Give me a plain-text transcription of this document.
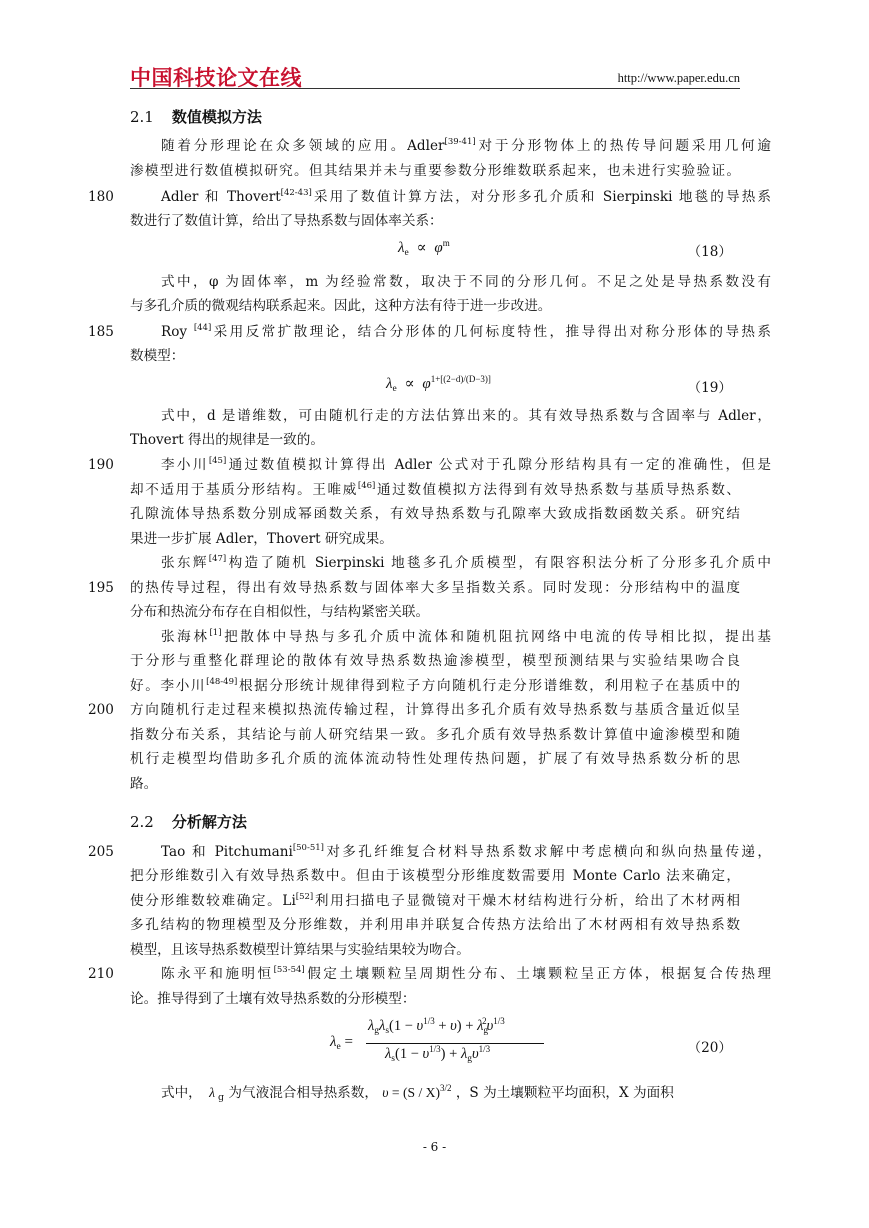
中国科技论文在线	http://www.paper.edu.cn
2.1 数值模拟方法
随着分形理论在众多领域的应用。Adler[39-41]对于分形物体上的热传导问题采用几何逾
渗模型进行数值模拟研究。但其结果并未与重要参数分形维数联系起来，也未进行实验验证。
180	Adler 和 Thovert[42-43]采用了数值计算方法，对分形多孔介质和 Sierpinski 地毯的导热系
数进行了数值计算，给出了导热系数与固体率关系：
$\lambda_e \propto \varphi^m$
（18）
式中，φ 为固体率，m 为经验常数，取决于不同的分形几何。不足之处是导热系数没有
与多孔介质的微观结构联系起来。因此，这种方法有待于进一步改进。
185	Roy [44]采用反常扩散理论，结合分形体的几何标度特性，推导得出对称分形体的导热系
数模型：
$\lambda_e \propto \varphi^{1+[(2-d)/(D-3)]}$
（19）
式中，d 是谱维数，可由随机行走的方法估算出来的。其有效导热系数与含固率与 Adler，
Thovert 得出的规律是一致的。
190	李小川[45]通过数值模拟计算得出 Adler 公式对于孔隙分形结构具有一定的准确性，但是
却不适用于基质分形结构。王唯威[46]通过数值模拟方法得到有效导热系数与基质导热系数、
孔隙流体导热系数分别成幂函数关系，有效导热系数与孔隙率大致成指数函数关系。研究结
果进一步扩展 Adler，Thovert 研究成果。
张东辉[47]构造了随机 Sierpinski 地毯多孔介质模型，有限容积法分析了分形多孔介质中
195 的热传导过程，得出有效导热系数与固体率大多呈指数关系。同时发现：分形结构中的温度
分布和热流分布存在自相似性，与结构紧密关联。
张海林[1]把散体中导热与多孔介质中流体和随机阻抗网络中电流的传导相比拟，提出基
于分形与重整化群理论的散体有效导热系数热逾渗模型，模型预测结果与实验结果吻合良
好。李小川[48-49]根据分形统计规律得到粒子方向随机行走分形谱维数，利用粒子在基质中的
200 方向随机行走过程来模拟热流传输过程，计算得出多孔介质有效导热系数与基质含量近似呈
指数分布关系，其结论与前人研究结果一致。多孔介质有效导热系数计算值中逾渗模型和随
机行走模型均借助多孔介质的流体流动特性处理传热问题，扩展了有效导热系数分析的思
路。
2.2 分析解方法
205	Tao 和 Pitchumani[50-51]对多孔纤维复合材料导热系数求解中考虑横向和纵向热量传递，
把分形维数引入有效导热系数中。但由于该模型分形维度数需要用 Monte Carlo 法来确定，
使分形维数较难确定。Li[52]利用扫描电子显微镜对干燥木材结构进行分析，给出了木材两相
多孔结构的物理模型及分形维数，并利用串并联复合传热方法给出了木材两相有效导热系数
模型，且该导热系数模型计算结果与实验结果较为吻合。
210	陈永平和施明恒[53-54]假定土壤颗粒呈周期性分布、土壤颗粒呈正方体，根据复合传热理
论。推导得到了土壤有效导热系数的分形模型：
$\lambda_e$ =
$\lambda_g\lambda_s(1 - \upsilon^{1/3} + \upsilon) + \lambda_g^2\upsilon^{1/3}$
$\lambda_s(1 - \upsilon^{1/3}) + \lambda_g\upsilon^{1/3}$	（20）
式中， λ $_g$ 为气液混合相导热系数， υ = (S / X)$^{3/2}$ ，S 为土壤颗粒平均面积，X 为面积
- 6 -
